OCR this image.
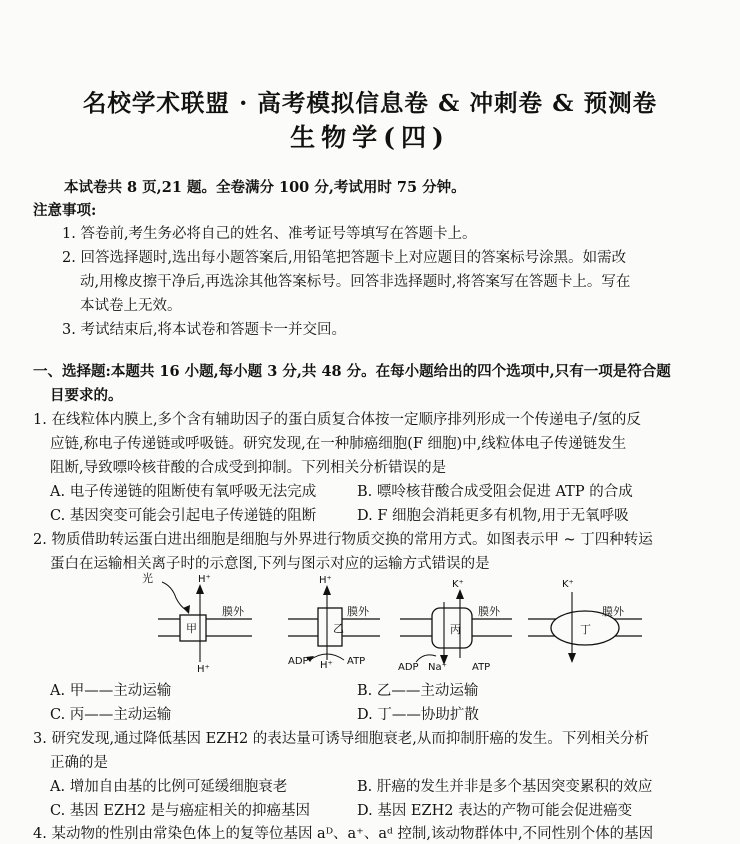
名校学术联盟 · 高考模拟信息卷 & 冲刺卷 & 预测卷
生物学(四)
本试卷共 8 页,21 题。全卷满分 100 分,考试用时 75 分钟。
注意事项:
1. 答卷前,考生务必将自己的姓名、准考证号等填写在答题卡上。
2. 回答选择题时,选出每小题答案后,用铅笔把答题卡上对应题目的答案标号涂黑。如需改
动,用橡皮擦干净后,再选涂其他答案标号。回答非选择题时,将答案写在答题卡上。写在
本试卷上无效。
3. 考试结束后,将本试卷和答题卡一并交回。
一、选择题:本题共 16 小题,每小题 3 分,共 48 分。在每小题给出的四个选项中,只有一项是符合题
目要求的。
1. 在线粒体内膜上,多个含有辅助因子的蛋白质复合体按一定顺序排列形成一个传递电子/氢的反
应链,称电子传递链或呼吸链。研究发现,在一种肺癌细胞(F 细胞)中,线粒体电子传递链发生
阻断,导致嘌呤核苷酸的合成受到抑制。下列相关分析错误的是
A. 电子传递链的阻断使有氧呼吸无法完成	B. 嘌呤核苷酸合成受阻会促进 ATP 的合成
C. 基因突变可能会引起电子传递链的阻断	D. F 细胞会消耗更多有机物,用于无氧呼吸
2. 物质借助转运蛋白进出细胞是细胞与外界进行物质交换的常用方式。如图表示甲 ~ 丁四种转运
蛋白在运输相关离子时的示意图,下列与图示对应的运输方式错误的是
甲
H⁺
H⁺
光
膜外
乙
H⁺
H⁺
ADP	ATP
膜外
丙
K⁺
Na⁺
ADP	ATP
膜外
丁
K⁺
膜外
A. 甲——主动运输	B. 乙——主动运输
C. 丙——主动运输	D. 丁——协助扩散
3. 研究发现,通过降低基因 EZH2 的表达量可诱导细胞衰老,从而抑制肝癌的发生。下列相关分析
正确的是
A. 增加自由基的比例可延缓细胞衰老	B. 肝癌的发生并非是多个基因突变累积的效应
C. 基因 EZH2 是与癌症相关的抑癌基因	D. 基因 EZH2 表达的产物可能会促进癌变
4. 某动物的性别由常染色体上的复等位基因 aᴰ、a⁺、aᵈ 控制,该动物群体中,不同性别个体的基因
